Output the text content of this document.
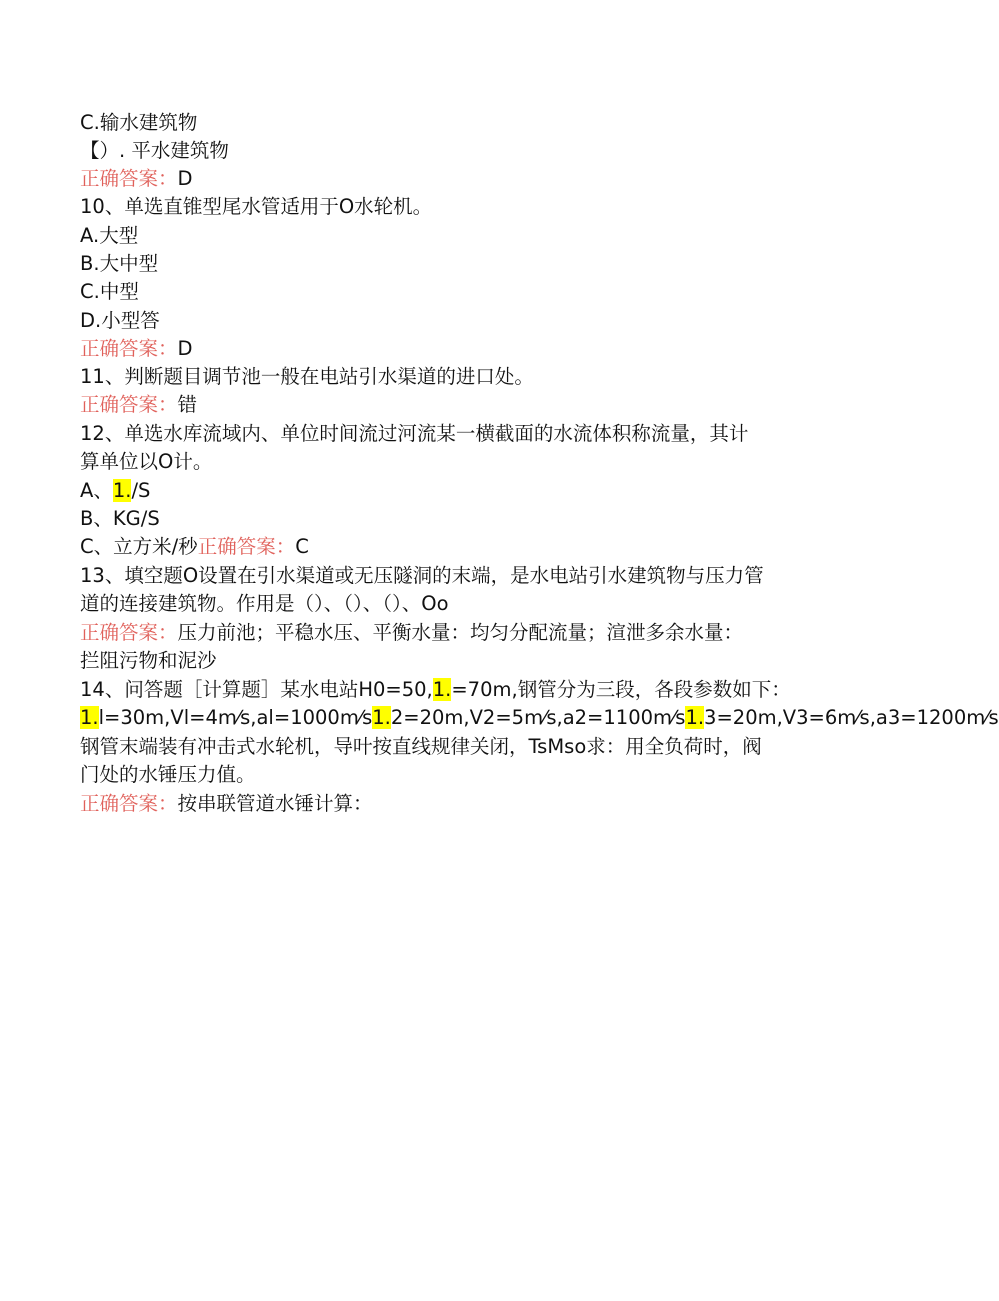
C.输水建筑物
【）. 平水建筑物
正确答案：D
10、单选直锥型尾水管适用于O水轮机。
A.大型
B.大中型
C.中型
D.小型答
正确答案：D
11、判断题目调节池一般在电站引水渠道的进口处。
正确答案：错
12、单选水库流域内、单位时间流过河流某一横截面的水流体积称流量，其计
算单位以O计。
A、1./S
B、KG/S
C、立方米/秒正确答案：C
13、填空题O设置在引水渠道或无压隧洞的末端，是水电站引水建筑物与压力管
道的连接建筑物。作用是（）、（）、（）、Oo
正确答案：压力前池；平稳水压、平衡水量：均匀分配流量；渲泄多余水量：
拦阻污物和泥沙
14、问答题［计算题］某水电站H0=50,1.=70m,钢管分为三段，各段参数如下：
1.l=30m,Vl=4m⁄s,al=1000m⁄s1.2=20m,V2=5m⁄s,a2=1100m⁄s1.3=20m,V3=6m⁄s,a3=1200m⁄s
钢管末端装有冲击式水轮机，导叶按直线规律关闭，TsMso求：用全负荷时，阀
门处的水锤压力值。
正确答案：按串联管道水锤计算：
